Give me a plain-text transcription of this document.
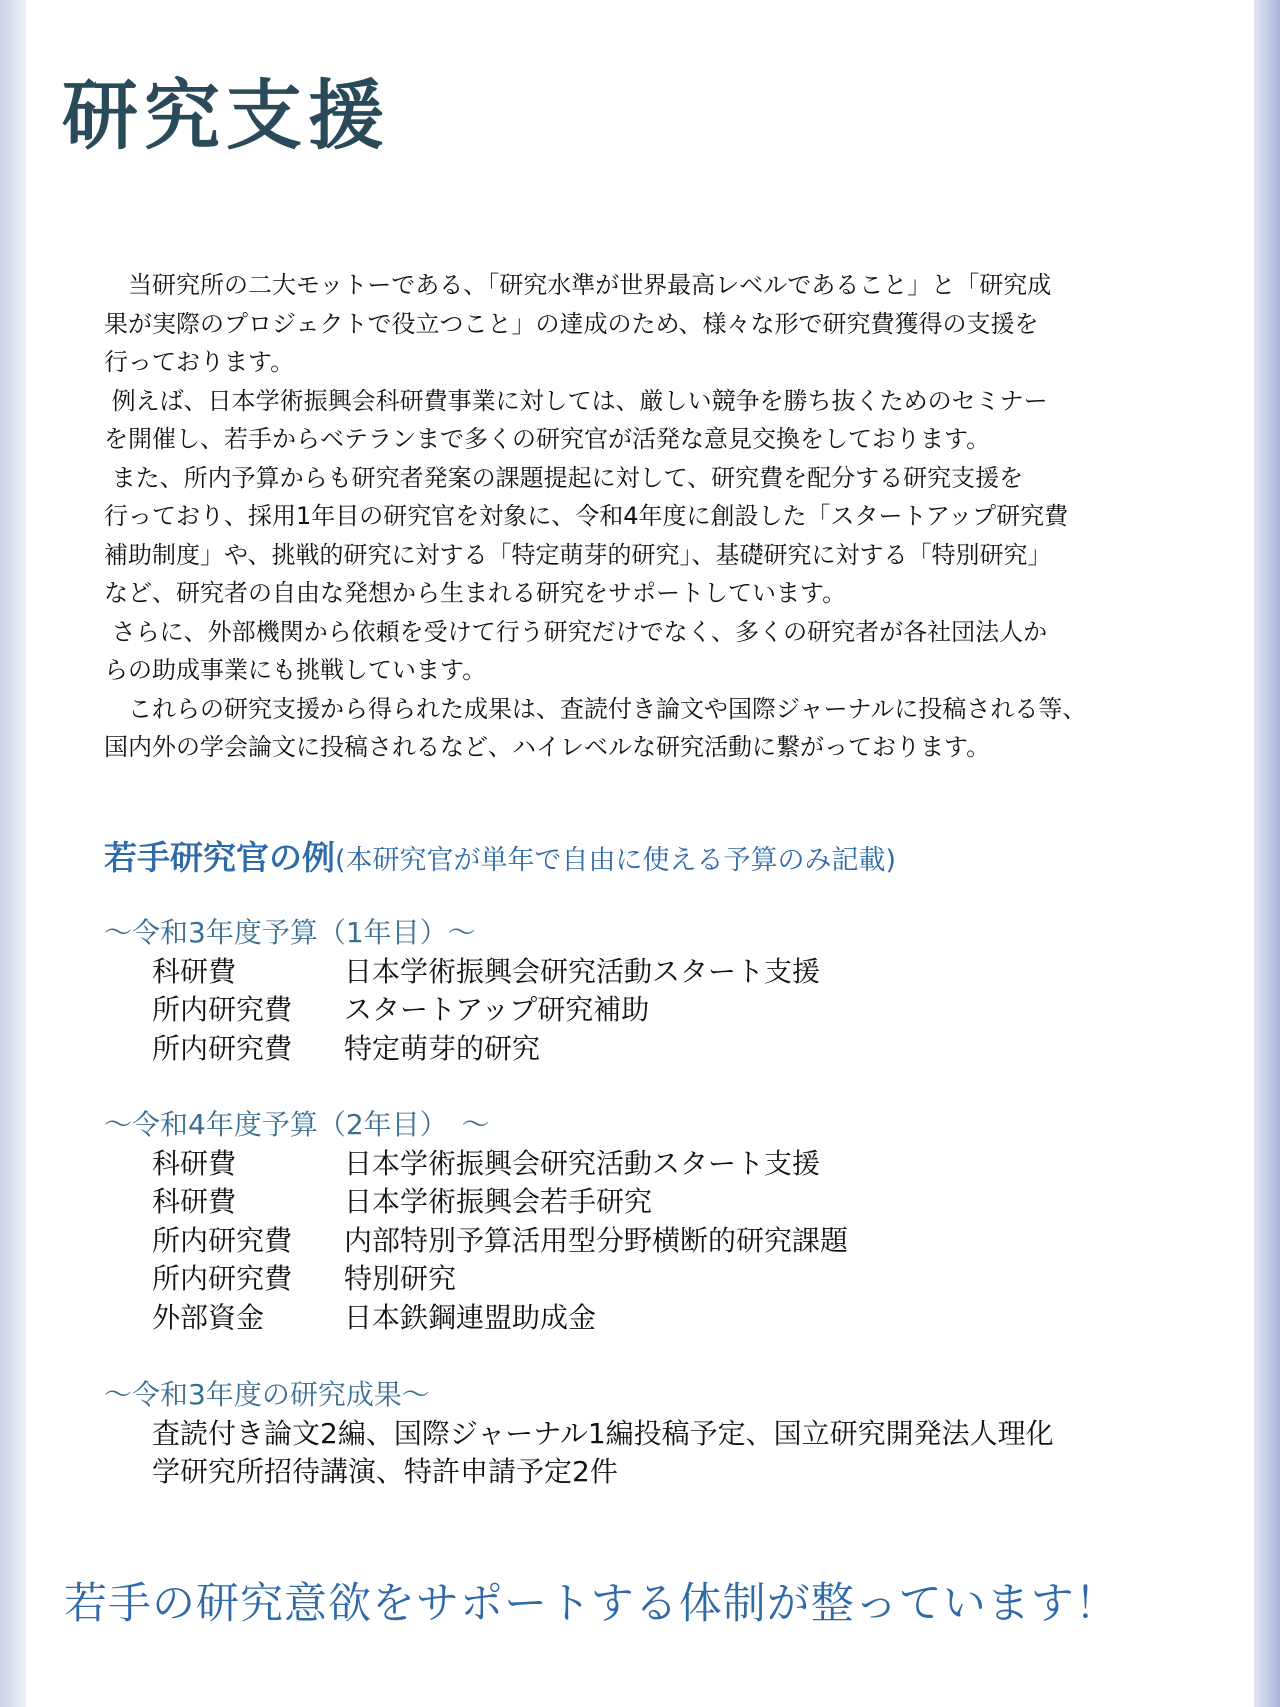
研究支援

　当研究所の二大モットーである、「研究水準が世界最高レベルであること」と「研究成

果が実際のプロジェクトで役立つこと」の達成のため、様々な形で研究費獲得の支援を

行っております。

例えば、日本学術振興会科研費事業に対しては、厳しい競争を勝ち抜くためのセミナー

を開催し、若手からベテランまで多くの研究官が活発な意見交換をしております。

また、所内予算からも研究者発案の課題提起に対して、研究費を配分する研究支援を

行っており、採用1年目の研究官を対象に、令和4年度に創設した「スタートアップ研究費

補助制度」や、挑戦的研究に対する「特定萌芽的研究」、基礎研究に対する「特別研究」

など、研究者の自由な発想から生まれる研究をサポートしています。

さらに、外部機関から依頼を受けて行う研究だけでなく、多くの研究者が各社団法人か

らの助成事業にも挑戦しています。

　これらの研究支援から得られた成果は、査読付き論文や国際ジャーナルに投稿される等、

国内外の学会論文に投稿されるなど、ハイレベルな研究活動に繋がっております。

若手研究官の例(本研究官が単年で自由に使える予算のみ記載)
～令和3年度予算（1年目）～
科研費	日本学術振興会研究活動スタート支援
所内研究費	スタートアップ研究補助
所内研究費	特定萌芽的研究
～令和4年度予算（2年目）　～
科研費	日本学術振興会研究活動スタート支援
科研費	日本学術振興会若手研究
所内研究費	内部特別予算活用型分野横断的研究課題
所内研究費	特別研究
外部資金	日本鉄鋼連盟助成金
～令和3年度の研究成果～
査読付き論文2編、国際ジャーナル1編投稿予定、国立研究開発法人理化
学研究所招待講演、特許申請予定2件

若手の研究意欲をサポートする体制が整っています！
